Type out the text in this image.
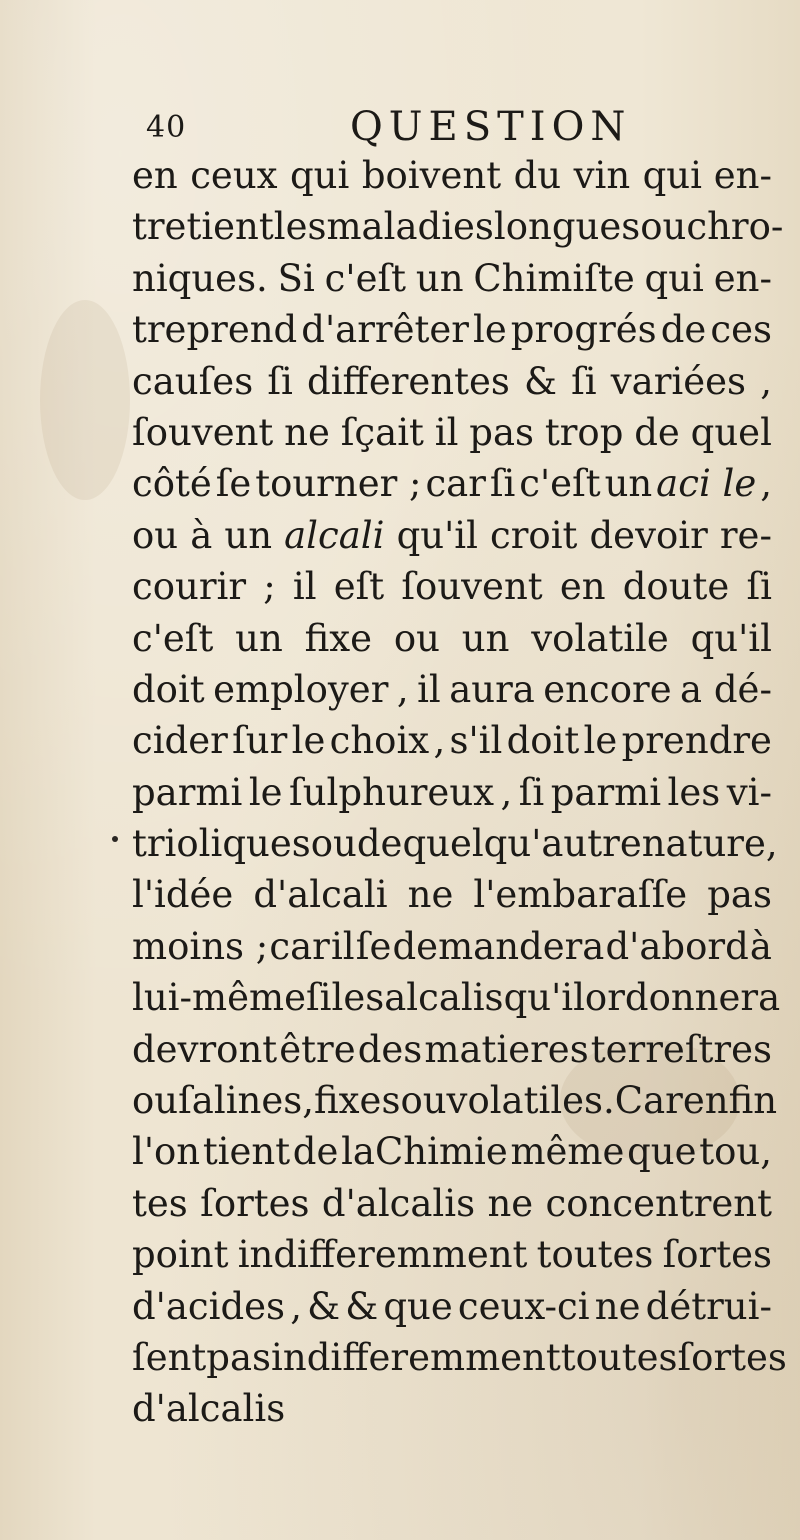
40	QUESTION
en ceux qui boivent du vin qui en-
tretient les maladies longues ou chro-
niques. Si c'eſt un Chimiſte qui en-
treprend d'arrêter le progrés de ces
cauſes ſi differentes & ſi variées ,
ſouvent ne ſçait il pas trop de quel
côté ſe tourner ; car ſi c'eſt un aci le ,
ou à un alcali qu'il croit devoir re-
courir ; il eſt ſouvent en doute ſi
c'eſt un fixe ou un volatile qu'il
doit employer , il aura encore a dé-
cider ſur le choix , s'il doit le prendre
parmi le ſulphureux , ſi parmi les vi-
trioliques ou de quelqu'autre nature ,
l'idée d'alcali ne l'embaraſſe pas
moins ; car il ſe demandera d'abord à
lui-même ſi les alcalis qu'il ordonnera
devront être des matieres terreſtres
ou ſalines,fixes ou volatiles.Car enfin
l'on tient de laChimie même que tou,
tes ſortes d'alcalis ne concentrent
point indifferemment toutes ſortes
d'acides , & & que ceux-ci ne détrui-
ſent pas indifferemment toutes ſortes
d'alcalis
